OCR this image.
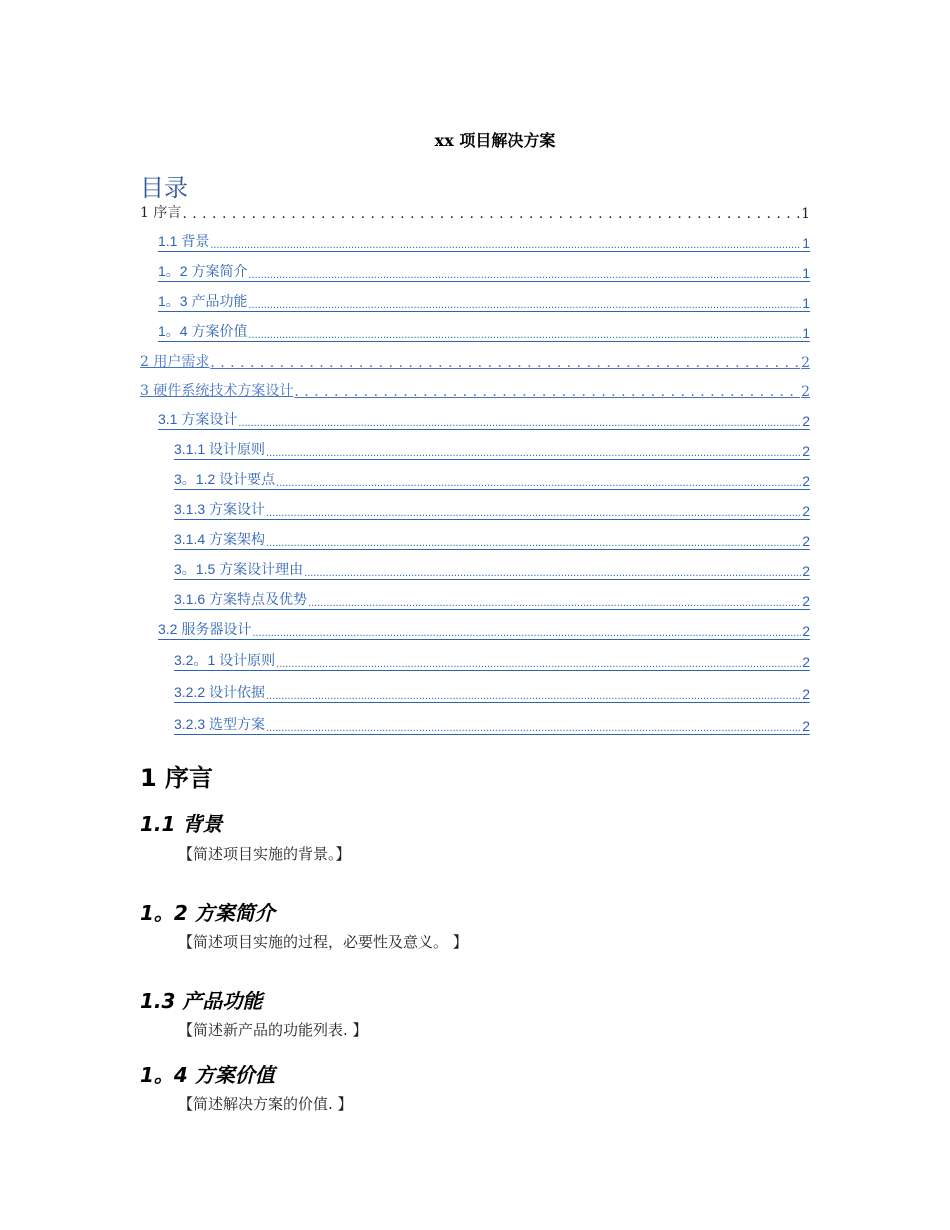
xx 项目解决方案
目录
1 序言 . . .	1
1.1 背景 .....	1
1。2 方案简介 .....	1
1。3 产品功能 .....	1
1。4 方案价值 .....	1
2 用户需求 . . .	2
3 硬件系统技术方案设计 . . .	2
3.1 方案设计 .....	2
3.1.1 设计原则 .....	2
3。1.2 设计要点 .....	2
3.1.3 方案设计 .....	2
3.1.4 方案架构 .....	2
3。1.5 方案设计理由 .....	2
3.1.6 方案特点及优势 .....	2
3.2 服务器设计 .....	2
3.2。1 设计原则 .....	2
3.2.2 设计依据 .....	2
3.2.3 选型方案 .....	2
1 序言
1.1 背景
【简述项目实施的背景。】
1。2 方案简介
【简述项目实施的过程，必要性及意义。 】
1.3 产品功能
【简述新产品的功能列表. 】
1。4 方案价值
【简述解决方案的价值. 】
